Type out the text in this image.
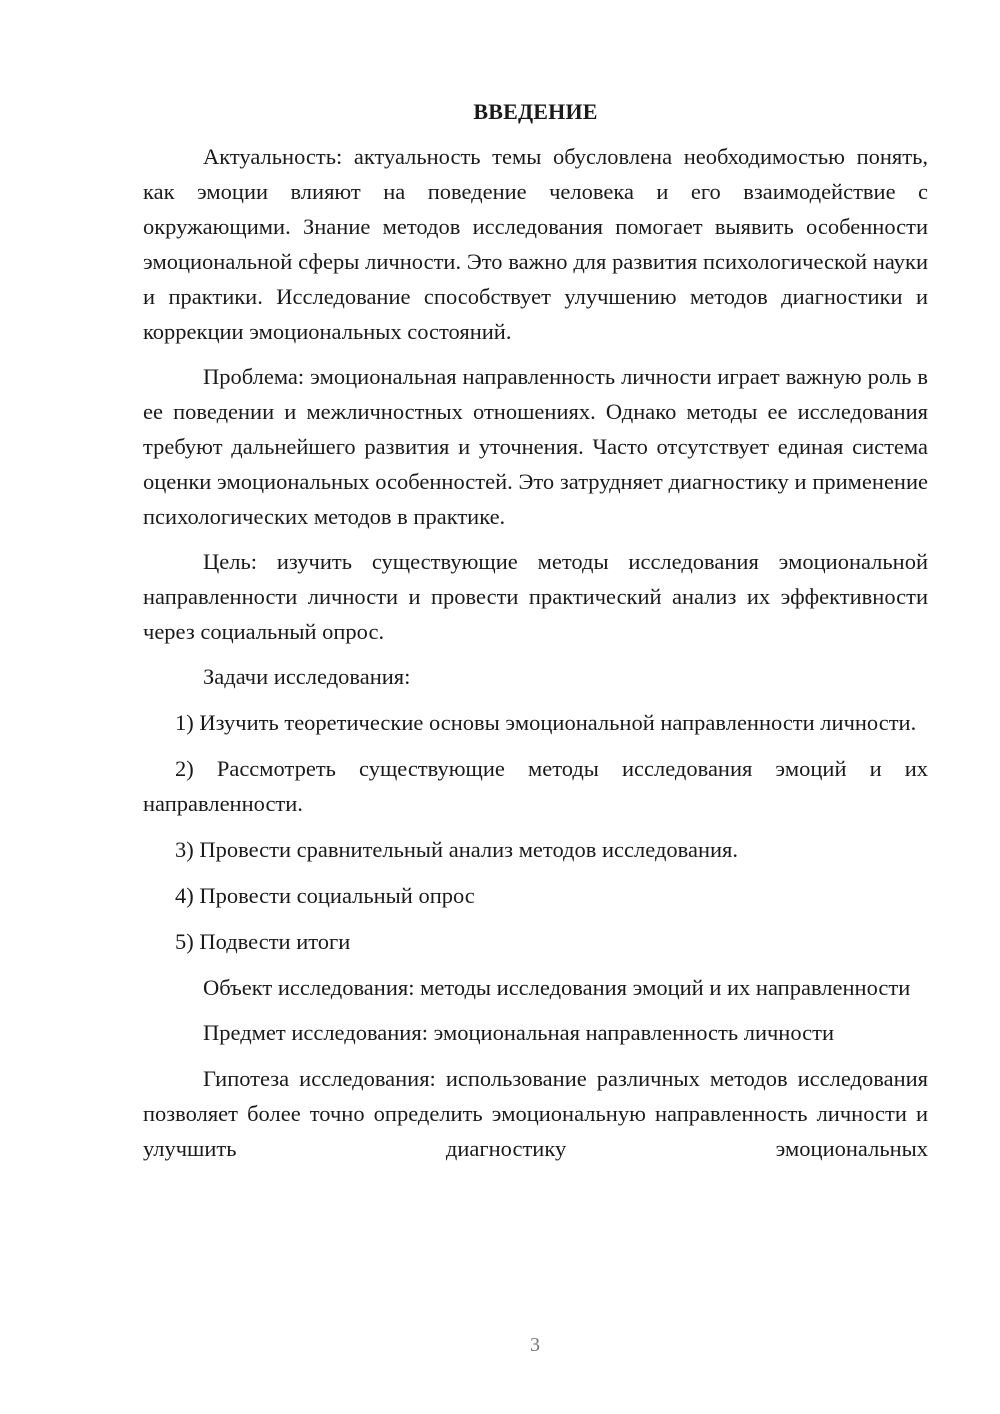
ВВЕДЕНИЕ

Актуальность: актуальность темы обусловлена необходимостью понять, как эмоции влияют на поведение человека и его взаимодействие с окружающими. Знание методов исследования помогает выявить особенности эмоциональной сферы личности. Это важно для развития психологической науки и практики. Исследование способствует улучшению методов диагностики и коррекции эмоциональных состояний.

Проблема: эмоциональная направленность личности играет важную роль в ее поведении и межличностных отношениях. Однако методы ее исследования требуют дальнейшего развития и уточнения. Часто отсутствует единая система оценки эмоциональных особенностей. Это затрудняет диагностику и применение психологических методов в практике.

Цель: изучить существующие методы исследования эмоциональной направленности личности и провести практический анализ их эффективности через социальный опрос.

Задачи исследования:

1) Изучить теоретические основы эмоциональной направленности личности.

2) Рассмотреть существующие методы исследования эмоций и их направленности.

3) Провести сравнительный анализ методов исследования.

4) Провести социальный опрос

5) Подвести итоги

Объект исследования: методы исследования эмоций и их направленности

Предмет исследования: эмоциональная направленность личности

Гипотеза исследования: использование различных методов исследования позволяет более точно определить эмоциональную направленность личности и улучшить диагностику эмоциональных

3
